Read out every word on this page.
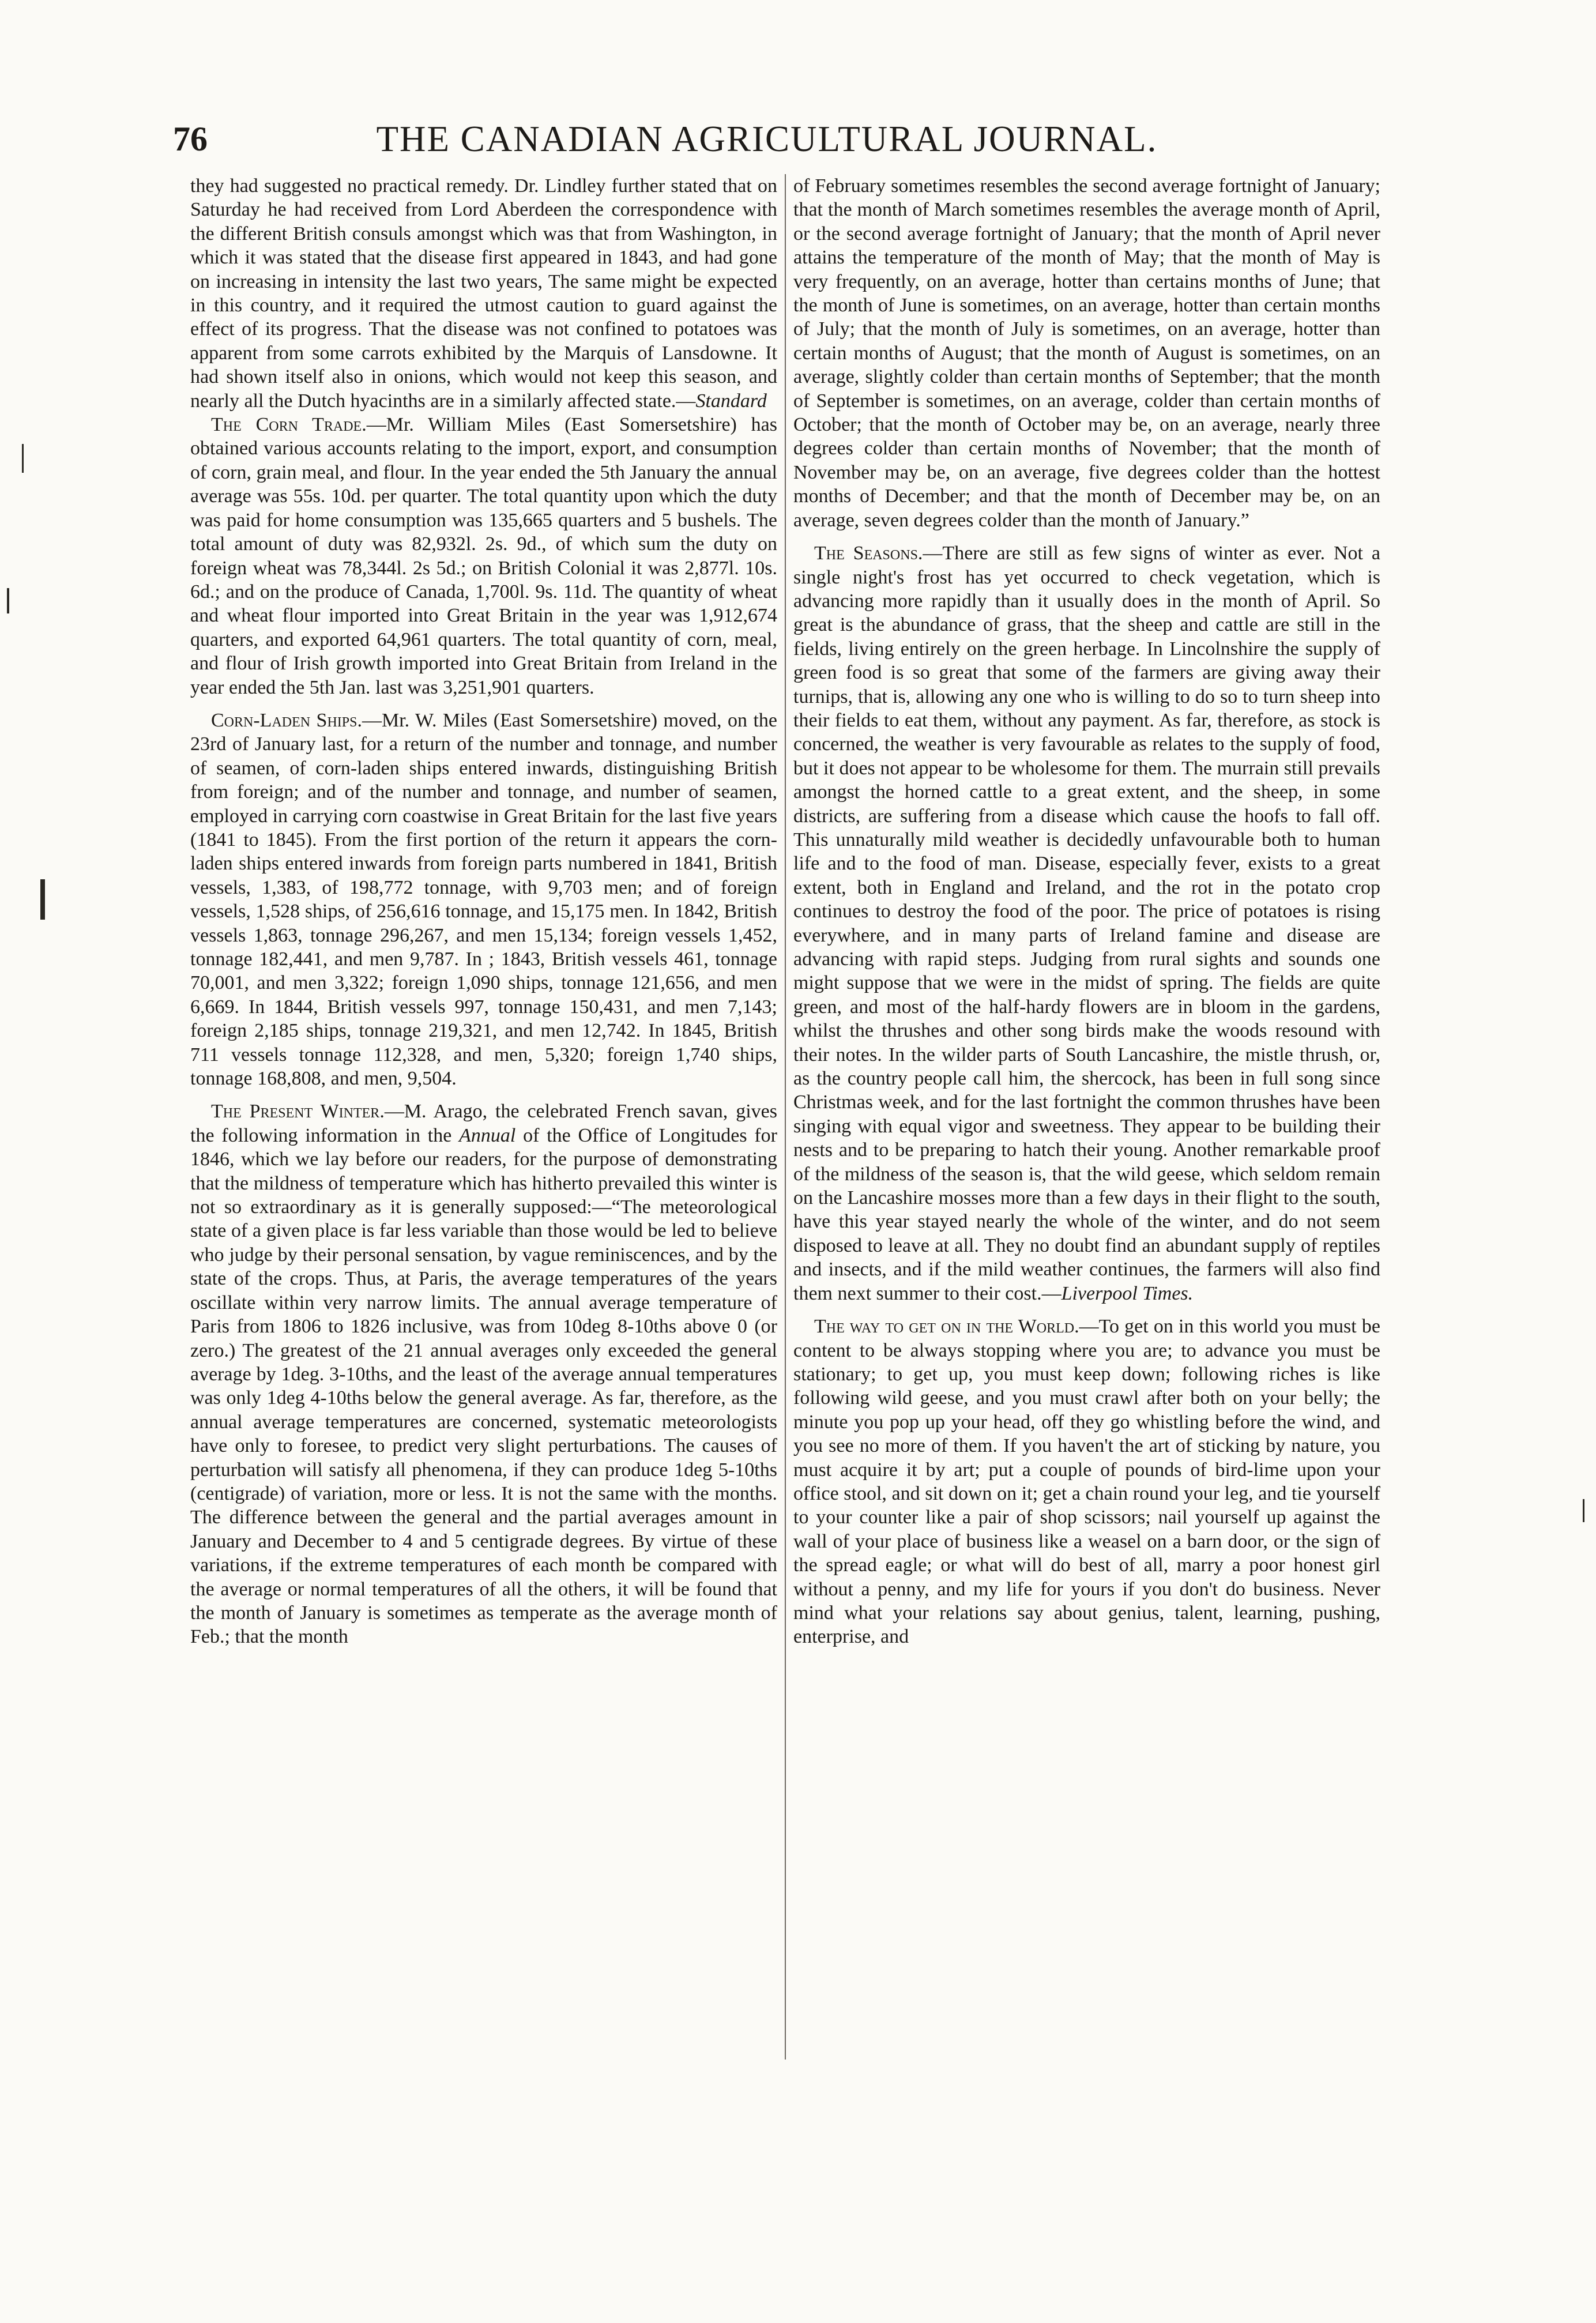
76	THE CANADIAN AGRICULTURAL JOURNAL.

they had suggested no practical remedy. Dr. Lindley further stated that on Saturday he had received from Lord Aberdeen the correspondence with the different British consuls amongst which was that from Washington, in which it was stated that the disease first appeared in 1843, and had gone on increasing in intensity the last two years, The same might be expected in this country, and it required the utmost caution to guard against the effect of its progress. That the disease was not confined to potatoes was apparent from some carrots exhibited by the Marquis of Lansdowne. It had shown itself also in onions, which would not keep this season, and nearly all the Dutch hyacinths are in a similarly affected state.—Standard

The Corn Trade.—Mr. William Miles (East Somersetshire) has obtained various accounts relating to the import, export, and consumption of corn, grain meal, and flour. In the year ended the 5th January the annual average was 55s. 10d. per quarter. The total quantity upon which the duty was paid for home consumption was 135,665 quarters and 5 bushels. The total amount of duty was 82,932l. 2s. 9d., of which sum the duty on foreign wheat was 78,344l. 2s 5d.; on British Colonial it was 2,877l. 10s. 6d.; and on the produce of Canada, 1,700l. 9s. 11d. The quantity of wheat and wheat flour imported into Great Britain in the year was 1,912,674 quarters, and exported 64,961 quarters. The total quantity of corn, meal, and flour of Irish growth imported into Great Britain from Ireland in the year ended the 5th Jan. last was 3,251,901 quarters.

Corn-Laden Ships.—Mr. W. Miles (East Somersetshire) moved, on the 23rd of January last, for a return of the number and tonnage, and number of seamen, of corn-laden ships entered inwards, distinguishing British from foreign; and of the number and tonnage, and number of seamen, employed in carrying corn coastwise in Great Britain for the last five years (1841 to 1845). From the first portion of the return it appears the corn-laden ships entered inwards from foreign parts numbered in 1841, British vessels, 1,383, of 198,772 tonnage, with 9,703 men; and of foreign vessels, 1,528 ships, of 256,616 tonnage, and 15,175 men. In 1842, British vessels 1,863, tonnage 296,267, and men 15,134; foreign vessels 1,452, tonnage 182,441, and men 9,787. In ; 1843, British vessels 461, tonnage 70,001, and men 3,322; foreign 1,090 ships, tonnage 121,656, and men 6,669. In 1844, British vessels 997, tonnage 150,431, and men 7,143; foreign 2,185 ships, tonnage 219,321, and men 12,742. In 1845, British 711 vessels tonnage 112,328, and men, 5,320; foreign 1,740 ships, tonnage 168,808, and men, 9,504.

The Present Winter.—M. Arago, the celebrated French savan, gives the following information in the Annual of the Office of Longitudes for 1846, which we lay before our readers, for the purpose of demonstrating that the mildness of temperature which has hitherto prevailed this winter is not so extraordinary as it is generally supposed:—“The meteorological state of a given place is far less variable than those would be led to believe who judge by their personal sensation, by vague reminiscences, and by the state of the crops. Thus, at Paris, the average temperatures of the years oscillate within very narrow limits. The annual average temperature of Paris from 1806 to 1826 inclusive, was from 10deg 8-10ths above 0 (or zero.) The greatest of the 21 annual averages only exceeded the general average by 1deg. 3-10ths, and the least of the average annual temperatures was only 1deg 4-10ths below the general average. As far, therefore, as the annual average temperatures are concerned, systematic meteorologists have only to foresee, to predict very slight perturbations. The causes of perturbation will satisfy all phenomena, if they can produce 1deg 5-10ths (centigrade) of variation, more or less. It is not the same with the months. The difference between the general and the partial averages amount in January and December to 4 and 5 centigrade degrees. By virtue of these variations, if the extreme temperatures of each month be compared with the average or normal temperatures of all the others, it will be found that the month of January is sometimes as temperate as the average month of Feb.; that the month

of February sometimes resembles the second average fortnight of January; that the month of March sometimes resembles the average month of April, or the second average fortnight of January; that the month of April never attains the temperature of the month of May; that the month of May is very frequently, on an average, hotter than certains months of June; that the month of June is sometimes, on an average, hotter than certain months of July; that the month of July is sometimes, on an average, hotter than certain months of August; that the month of August is sometimes, on an average, slightly colder than certain months of September; that the month of September is sometimes, on an average, colder than certain months of October; that the month of October may be, on an average, nearly three degrees colder than certain months of November; that the month of November may be, on an average, five degrees colder than the hottest months of December; and that the month of December may be, on an average, seven degrees colder than the month of January.”

The Seasons.—There are still as few signs of winter as ever. Not a single night's frost has yet occurred to check vegetation, which is advancing more rapidly than it usually does in the month of April. So great is the abundance of grass, that the sheep and cattle are still in the fields, living entirely on the green herbage. In Lincolnshire the supply of green food is so great that some of the farmers are giving away their turnips, that is, allowing any one who is willing to do so to turn sheep into their fields to eat them, without any payment. As far, therefore, as stock is concerned, the weather is very favourable as relates to the supply of food, but it does not appear to be wholesome for them. The murrain still prevails amongst the horned cattle to a great extent, and the sheep, in some districts, are suffering from a disease which cause the hoofs to fall off. This unnaturally mild weather is decidedly unfavourable both to human life and to the food of man. Disease, especially fever, exists to a great extent, both in England and Ireland, and the rot in the potato crop continues to destroy the food of the poor. The price of potatoes is rising everywhere, and in many parts of Ireland famine and disease are advancing with rapid steps. Judging from rural sights and sounds one might suppose that we were in the midst of spring. The fields are quite green, and most of the half-hardy flowers are in bloom in the gardens, whilst the thrushes and other song birds make the woods resound with their notes. In the wilder parts of South Lancashire, the mistle thrush, or, as the country people call him, the shercock, has been in full song since Christmas week, and for the last fortnight the common thrushes have been singing with equal vigor and sweetness. They appear to be building their nests and to be preparing to hatch their young. Another remarkable proof of the mildness of the season is, that the wild geese, which seldom remain on the Lancashire mosses more than a few days in their flight to the south, have this year stayed nearly the whole of the winter, and do not seem disposed to leave at all. They no doubt find an abundant supply of reptiles and insects, and if the mild weather continues, the farmers will also find them next summer to their cost.—Liverpool Times.

The way to get on in the World.—To get on in this world you must be content to be always stopping where you are; to advance you must be stationary; to get up, you must keep down; following riches is like following wild geese, and you must crawl after both on your belly; the minute you pop up your head, off they go whistling before the wind, and you see no more of them. If you haven't the art of sticking by nature, you must acquire it by art; put a couple of pounds of bird-lime upon your office stool, and sit down on it; get a chain round your leg, and tie yourself to your counter like a pair of shop scissors; nail yourself up against the wall of your place of business like a weasel on a barn door, or the sign of the spread eagle; or what will do best of all, marry a poor honest girl without a penny, and my life for yours if you don't do business. Never mind what your relations say about genius, talent, learning, pushing, enterprise, and
